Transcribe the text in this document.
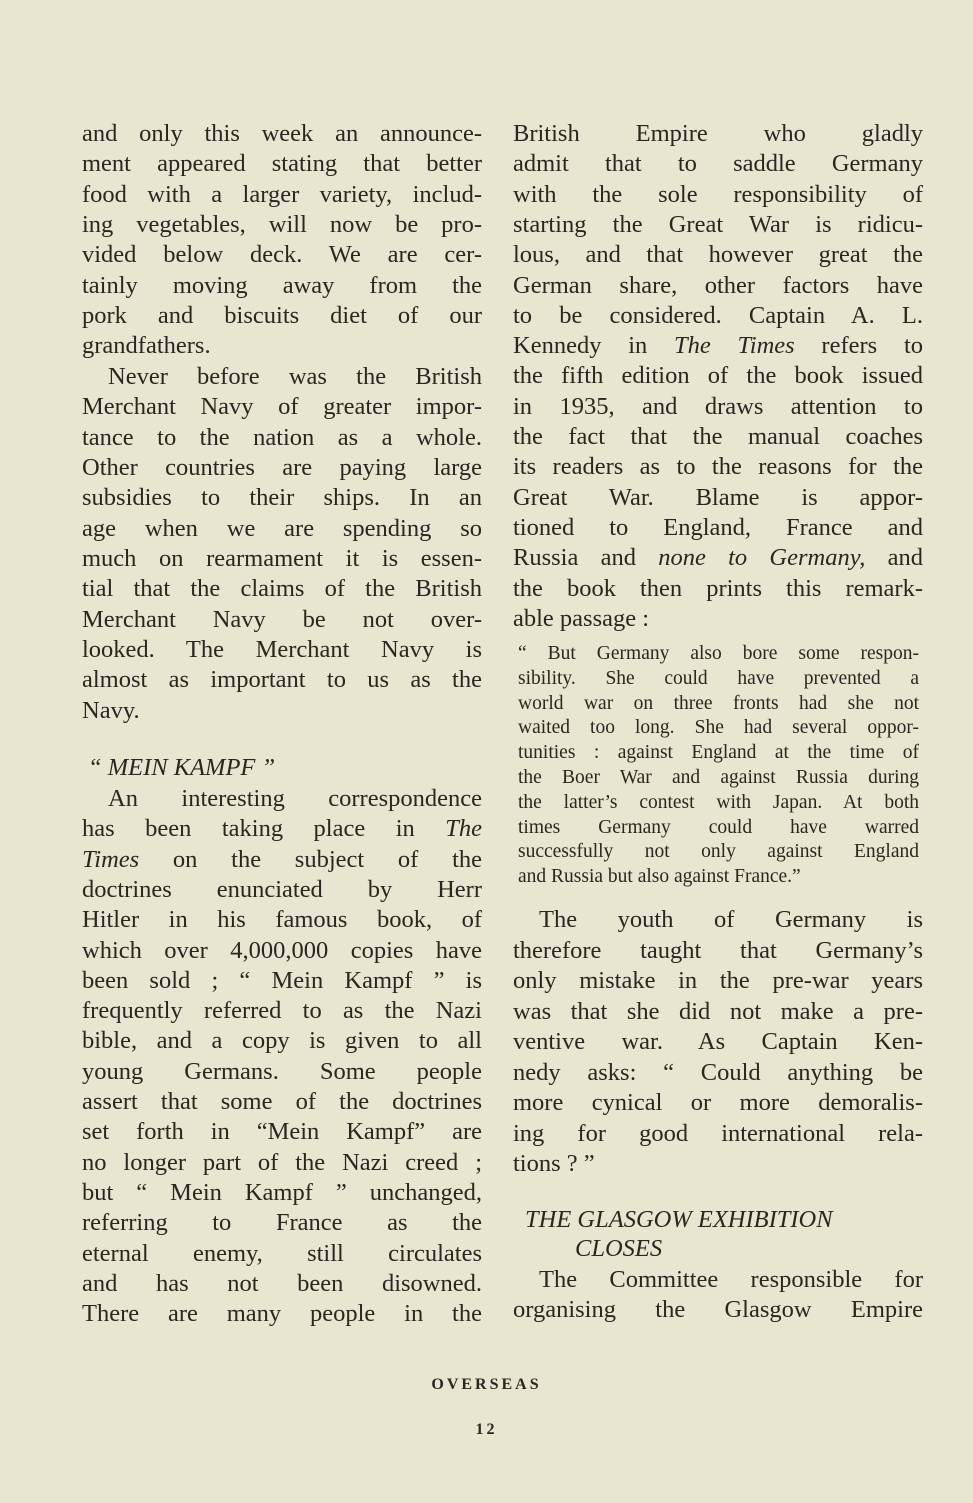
and only this week an announce-
ment appeared stating that better
food with a larger variety, includ-
ing vegetables, will now be pro-
vided below deck. We are cer-
tainly moving away from the
pork and biscuits diet of our
grandfathers.
Never before was the British
Merchant Navy of greater impor-
tance to the nation as a whole.
Other countries are paying large
subsidies to their ships. In an
age when we are spending so
much on rearmament it is essen-
tial that the claims of the British
Merchant Navy be not over-
looked. The Merchant Navy is
almost as important to us as the
Navy.
“ MEIN KAMPF ”
An interesting correspondence
has been taking place in The
Times on the subject of the
doctrines enunciated by Herr
Hitler in his famous book, of
which over 4,000,000 copies have
been sold ; “ Mein Kampf ” is
frequently referred to as the Nazi
bible, and a copy is given to all
young Germans. Some people
assert that some of the doctrines
set forth in “Mein Kampf” are
no longer part of the Nazi creed ;
but “ Mein Kampf ” unchanged,
referring to France as the
eternal enemy, still circulates
and has not been disowned.
There are many people in the
British Empire who gladly
admit that to saddle Germany
with the sole responsibility of
starting the Great War is ridicu-
lous, and that however great the
German share, other factors have
to be considered. Captain A. L.
Kennedy in The Times refers to
the fifth edition of the book issued
in 1935, and draws attention to
the fact that the manual coaches
its readers as to the reasons for the
Great War. Blame is appor-
tioned to England, France and
Russia and none to Germany, and
the book then prints this remark-
able passage :
“ But Germany also bore some respon-
sibility. She could have prevented a
world war on three fronts had she not
waited too long. She had several oppor-
tunities : against England at the time of
the Boer War and against Russia during
the latter’s contest with Japan. At both
times Germany could have warred
successfully not only against England
and Russia but also against France.”
The youth of Germany is
therefore taught that Germany’s
only mistake in the pre-war years
was that she did not make a pre-
ventive war. As Captain Ken-
nedy asks: “ Could anything be
more cynical or more demoralis-
ing for good international rela-
tions ? ”
THE GLASGOW EXHIBITION
CLOSES
The Committee responsible for
organising the Glasgow Empire
OVERSEAS
12
